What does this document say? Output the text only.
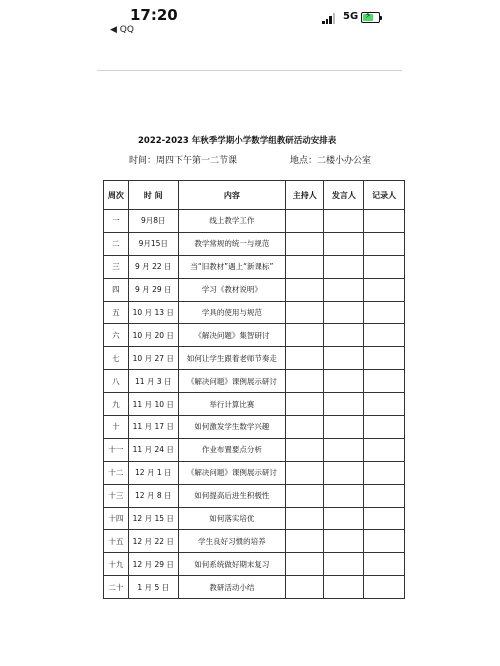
17:20
◀ QQ
5G ⚡
2022-2023 年秋季学期小学数学组教研活动安排表
时间：周四下午第一二节课	地点：二楼小办公室
周次	时 间	内容	主持人	发言人	记录人
一	9月8日	线上教学工作			
二	9月15日	教学常规的统一与规范			
三	9 月 22 日	当“旧教材”遇上“新课标”			
四	9 月 29 日	学习《教材说明》			
五	10 月 13 日	学具的使用与规范			
六	10 月 20 日	《解决问题》集智研讨			
七	10 月 27 日	如何让学生跟着老师节奏走			
八	11 月 3 日	《解决问题》课例展示研讨			
九	11 月 10 日	举行计算比赛			
十	11 月 17 日	如何激发学生数学兴趣			
十一	11 月 24 日	作业布置要点分析			
十二	12 月 1 日	《解决问题》课例展示研讨			
十三	12 月 8 日	如何提高后进生积极性			
十四	12 月 15 日	如何落实培优			
十五	12 月 22 日	学生良好习惯的培养			
十九	12 月 29 日	如何系统做好期末复习			
二十	1 月 5 日	教研活动小结			
